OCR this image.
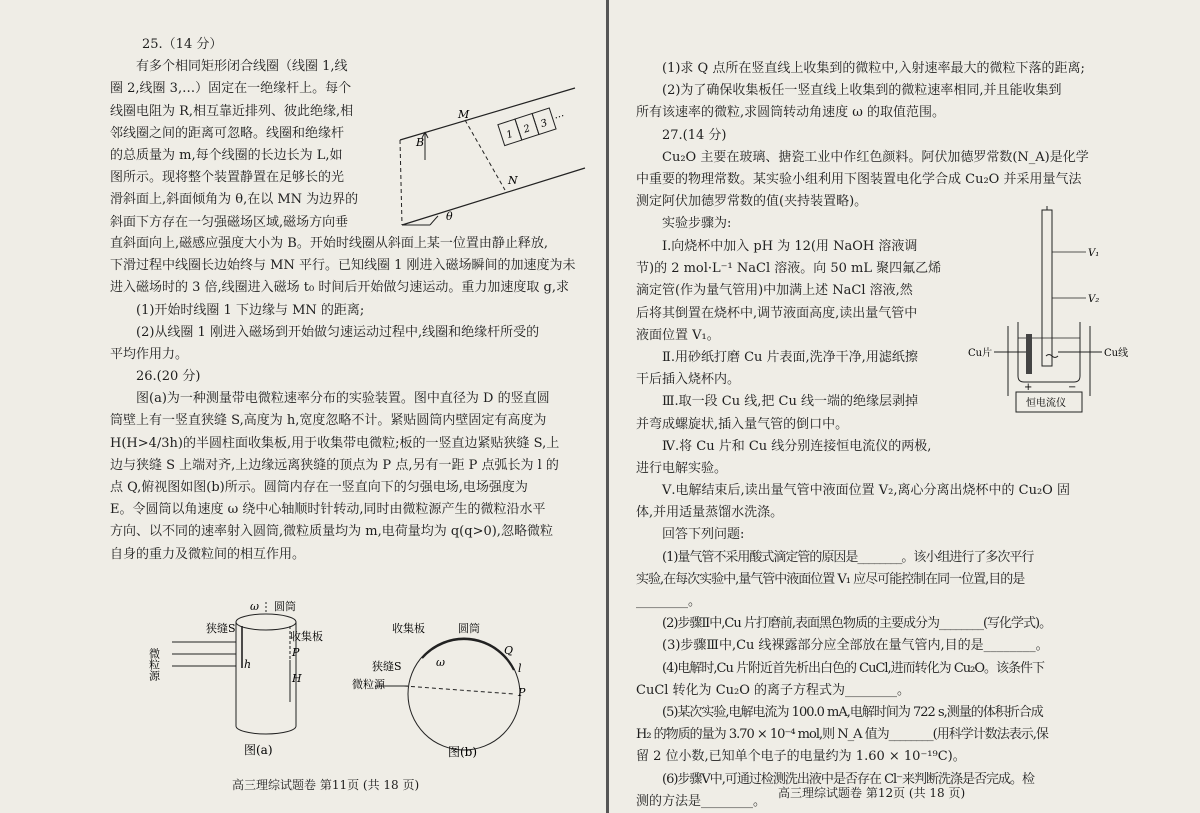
25.（14 分）

有多个相同矩形闭合线圈（线圈 1,线

圈 2,线圈 3,…）固定在一绝缘杆上。每个

线圈电阻为 R,相互靠近排列、彼此绝缘,相

邻线圈之间的距离可忽略。线圈和绝缘杆

的总质量为 m,每个线圈的长边长为 L,如

图所示。现将整个装置静置在足够长的光

滑斜面上,斜面倾角为 θ,在以 MN 为边界的

斜面下方存在一匀强磁场区域,磁场方向垂

直斜面向上,磁感应强度大小为 B。开始时线圈从斜面上某一位置由静止释放,

下滑过程中线圈长边始终与 MN 平行。已知线圈 1 刚进入磁场瞬间的加速度为未

进入磁场时的 3 倍,线圈进入磁场 t₀ 时间后开始做匀速运动。重力加速度取 g,求

(1)开始时线圈 1 下边缘与 MN 的距离;

(2)从线圈 1 刚进入磁场到开始做匀速运动过程中,线圈和绝缘杆所受的

平均作用力。

B
M
N
θ
1 2 3
…

26.(20 分)

图(a)为一种测量带电微粒速率分布的实验装置。图中直径为 D 的竖直圆

筒壁上有一竖直狭缝 S,高度为 h,宽度忽略不计。紧贴圆筒内壁固定有高度为

H(H>4/3h)的半圆柱面收集板,用于收集带电微粒;板的一竖直边紧贴狭缝 S,上

边与狭缝 S 上端对齐,上边缘远离狭缝的顶点为 P 点,另有一距 P 点弧长为 l 的

点 Q,俯视图如图(b)所示。圆筒内存在一竖直向下的匀强电场,电场强度为

E。令圆筒以角速度 ω 绕中心轴顺时针转动,同时由微粒源产生的微粒沿水平

方向、以不同的速率射入圆筒,微粒质量均为 m,电荷量均为 q(q>0),忽略微粒

自身的重力及微粒间的相互作用。

ω 圆筒
狭缝S
收集板
微粒源	h
P
H
图(a)
收集板	圆筒
ω
Q
l
狭缝S
微粒源
P
图(b)
高三理综试题卷 第11页 (共 18 页)

(1)求 Q 点所在竖直线上收集到的微粒中,入射速率最大的微粒下落的距离;

(2)为了确保收集板任一竖直线上收集到的微粒速率相同,并且能收集到

所有该速率的微粒,求圆筒转动角速度 ω 的取值范围。

27.(14 分)

Cu₂O 主要在玻璃、搪瓷工业中作红色颜料。阿伏加德罗常数(N_A)是化学

中重要的物理常数。某实验小组利用下图装置电化学合成 Cu₂O 并采用量气法

测定阿伏加德罗常数的值(夹持装置略)。

实验步骤为:

Ⅰ.向烧杯中加入 pH 为 12(用 NaOH 溶液调

节)的 2 mol·L⁻¹ NaCl 溶液。向 50 mL 聚四氟乙烯

滴定管(作为量气管用)中加满上述 NaCl 溶液,然

后将其倒置在烧杯中,调节液面高度,读出量气管中

液面位置 V₁。

Ⅱ.用砂纸打磨 Cu 片表面,洗净干净,用滤纸擦

干后插入烧杯内。

Ⅲ.取一段 Cu 线,把 Cu 线一端的绝缘层剥掉

并弯成螺旋状,插入量气管的倒口中。

Ⅳ.将 Cu 片和 Cu 线分别连接恒电流仪的两极,

进行电解实验。

V₁
V₂
Cu片	Cu线
+	−
恒电流仪

Ⅴ.电解结束后,读出量气管中液面位置 V₂,离心分离出烧杯中的 Cu₂O 固

体,并用适量蒸馏水洗涤。

回答下列问题:

(1)量气管不采用酸式滴定管的原因是________。该小组进行了多次平行

实验,在每次实验中,量气管中液面位置 V₁ 应尽可能控制在同一位置,目的是

________。

(2)步骤Ⅱ中,Cu 片打磨前,表面黑色物质的主要成分为________(写化学式)。

(3)步骤Ⅲ中,Cu 线裸露部分应全部放在量气管内,目的是________。

(4)电解时,Cu 片附近首先析出白色的 CuCl,进而转化为 Cu₂O。该条件下

CuCl 转化为 Cu₂O 的离子方程式为________。

(5)某次实验,电解电流为 100.0 mA,电解时间为 722 s,测量的体积折合成

H₂ 的物质的量为 3.70 × 10⁻⁴ mol,则 N_A 值为________(用科学计数法表示,保

留 2 位小数,已知单个电子的电量约为 1.60 × 10⁻¹⁹C)。

(6)步骤Ⅴ中,可通过检测洗出液中是否存在 Cl⁻来判断洗涤是否完成。检

测的方法是________。

高三理综试题卷 第12页 (共 18 页)
